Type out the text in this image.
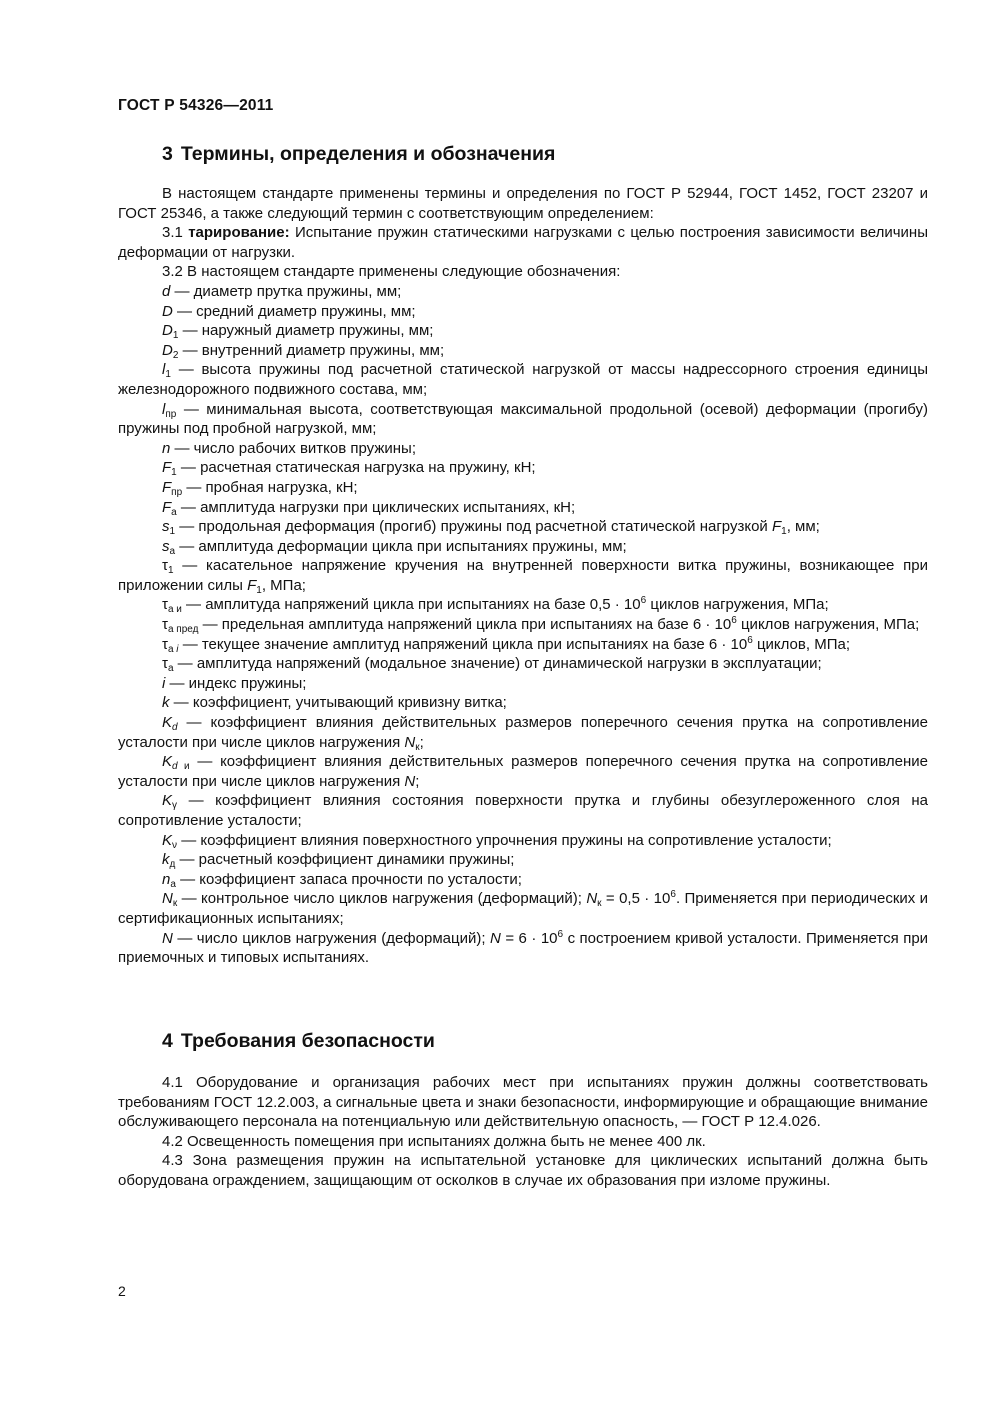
ГОСТ Р 54326—2011
3 Термины, определения и обозначения

В настоящем стандарте применены термины и определения по ГОСТ Р 52944, ГОСТ 1452, ГОСТ 23207 и ГОСТ 25346, а также следующий термин с соответствующим определением:

3.1 тарирование: Испытание пружин статическими нагрузками с целью построения зависимости величины деформации от нагрузки.

3.2 В настоящем стандарте применены следующие обозначения:

d — диаметр прутка пружины, мм;

D — средний диаметр пружины, мм;

$D_1$ — наружный диаметр пружины, мм;

$D_2$ — внутренний диаметр пружины, мм;

$l_1$ — высота пружины под расчетной статической нагрузкой от массы надрессорного строения единицы железнодорожного подвижного состава, мм;

$l_{пр}$ — минимальная высота, соответствующая максимальной продольной (осевой) деформации (прогибу) пружины под пробной нагрузкой, мм;

n — число рабочих витков пружины;

$F_1$ — расчетная статическая нагрузка на пружину, кН;

$F_{пр}$ — пробная нагрузка, кН;

$F_а$ — амплитуда нагрузки при циклических испытаниях, кН;

$s_1$ — продольная деформация (прогиб) пружины под расчетной статической нагрузкой $F_1$, мм;

$s_а$ — амплитуда деформации цикла при испытаниях пружины, мм;

$\tau_1$ — касательное напряжение кручения на внутренней поверхности витка пружины, возникающее при приложении силы $F_1$, МПа;

$\tau_{а и}$ — амплитуда напряжений цикла при испытаниях на базе $0,5 \cdot 10^6$ циклов нагружения, МПа;

$\tau_{а пред}$ — предельная амплитуда напряжений цикла при испытаниях на базе $6 \cdot 10^6$ циклов нагружения, МПа;

$\tau_{а i}$ — текущее значение амплитуд напряжений цикла при испытаниях на базе $6 \cdot 10^6$ циклов, МПа;

$\tau_а$ — амплитуда напряжений (модальное значение) от динамической нагрузки в эксплуатации;

i — индекс пружины;

k — коэффициент, учитывающий кривизну витка;

$K_d$ — коэффициент влияния действительных размеров поперечного сечения прутка на сопротивление усталости при числе циклов нагружения $N_к$;

$K_{d и}$ — коэффициент влияния действительных размеров поперечного сечения прутка на сопротивление усталости при числе циклов нагружения N;

$K_\gamma$ — коэффициент влияния состояния поверхности прутка и глубины обезуглероженного слоя на сопротивление усталости;

$K_\nu$ — коэффициент влияния поверхностного упрочнения пружины на сопротивление усталости;

$k_д$ — расчетный коэффициент динамики пружины;

$n_а$ — коэффициент запаса прочности по усталости;

$N_к$ — контрольное число циклов нагружения (деформаций); $N_к = 0,5 \cdot 10^6$. Применяется при периодических и сертификационных испытаниях;

N — число циклов нагружения (деформаций); $N = 6 \cdot 10^6$ с построением кривой усталости. Применяется при приемочных и типовых испытаниях.

4 Требования безопасности

4.1 Оборудование и организация рабочих мест при испытаниях пружин должны соответствовать требованиям ГОСТ 12.2.003, а сигнальные цвета и знаки безопасности, информирующие и обращающие внимание обслуживающего персонала на потенциальную или действительную опасность, — ГОСТ Р 12.4.026.

4.2 Освещенность помещения при испытаниях должна быть не менее 400 лк.

4.3 Зона размещения пружин на испытательной установке для циклических испытаний должна быть оборудована ограждением, защищающим от осколков в случае их образования при изломе пружины.

2
